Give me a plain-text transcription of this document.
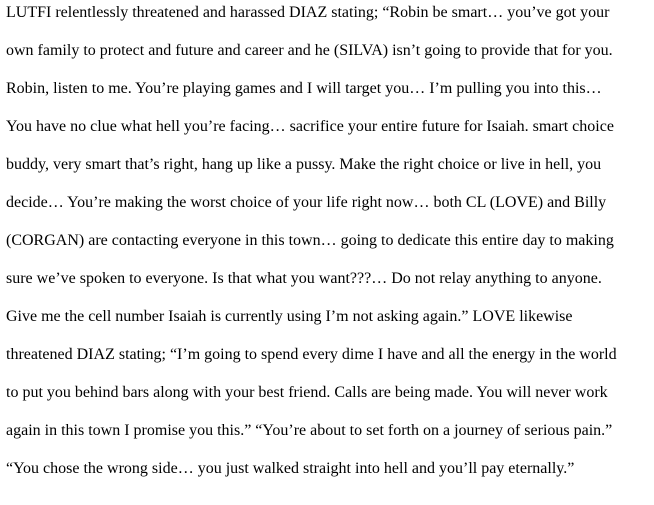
LUTFI relentlessly threatened and harassed DIAZ stating; “Robin be smart… you’ve got your
own family to protect and future and career and he (SILVA) isn’t going to provide that for you.
Robin, listen to me. You’re playing games and I will target you… I’m pulling you into this…
You have no clue what hell you’re facing… sacrifice your entire future for Isaiah. smart choice
buddy, very smart that’s right, hang up like a pussy. Make the right choice or live in hell, you
decide… You’re making the worst choice of your life right now… both CL (LOVE) and Billy
(CORGAN) are contacting everyone in this town… going to dedicate this entire day to making
sure we’ve spoken to everyone. Is that what you want???… Do not relay anything to anyone.
Give me the cell number Isaiah is currently using I’m not asking again.” LOVE likewise
threatened DIAZ stating; “I’m going to spend every dime I have and all the energy in the world
to put you behind bars along with your best friend. Calls are being made. You will never work
again in this town I promise you this.” “You’re about to set forth on a journey of serious pain.”
“You chose the wrong side… you just walked straight into hell and you’ll pay eternally.”
